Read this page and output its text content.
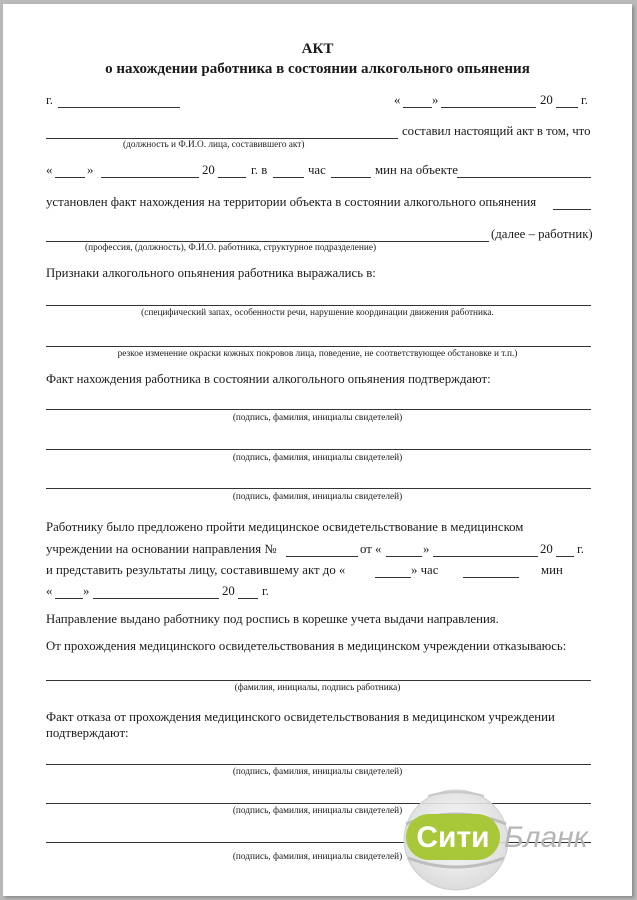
АКТ
о нахождении работника в состоянии алкогольного опьянения
г.	« »	20 г.
составил настоящий акт в том, что
(должность и Ф.И.О. лица, составившего акт)
«	»	20	г. в	час	мин на объекте
установлен факт нахождения на территории объекта в состоянии алкогольного опьянения
(далее – работник)
(профессия, (должность), Ф.И.О. работника, структурное подразделение)
Признаки алкогольного опьянения работника выражались в:
(специфический запах, особенности речи, нарушение координации движения работника.
резкое изменение окраски кожных покровов лица, поведение, не соответствующее обстановке и т.п.)
Факт нахождения работника в состоянии алкогольного опьянения подтверждают:
(подпись, фамилия, инициалы свидетелей)
(подпись, фамилия, инициалы свидетелей)
(подпись, фамилия, инициалы свидетелей)
Работнику было предложено пройти медицинское освидетельствование в медицинском
учреждении на основании направления №	от «	»	20 г.
и представить результаты лицу, составившему акт до «	» час	мин
« »	20 г.
Направление выдано работнику под роспись в корешке учета выдачи направления.
От прохождения медицинского освидетельствования в медицинском учреждении отказываюсь:
(фамилия, инициалы, подпись работника)
Факт отказа от прохождения медицинского освидетельствования в медицинском учреждении
подтверждают:
(подпись, фамилия, инициалы свидетелей)
(подпись, фамилия, инициалы свидетелей)
(подпись, фамилия, инициалы свидетелей)
Сити Бланк
